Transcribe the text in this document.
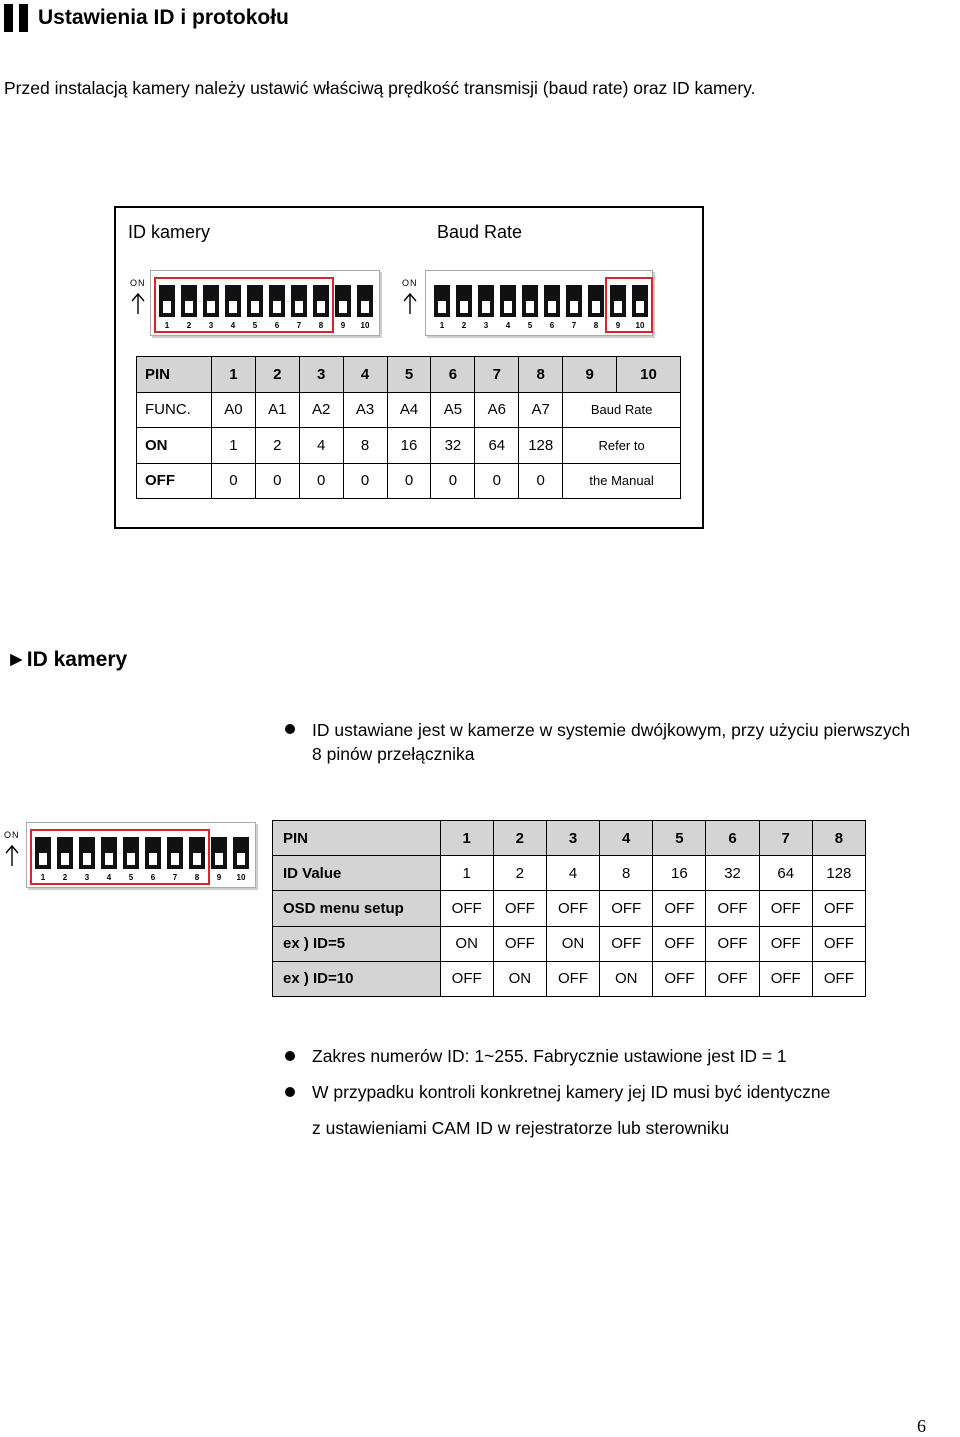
Ustawienia ID i protokołu
Przed instalacją kamery należy ustawić właściwą prędkość transmisji (baud rate) oraz ID kamery.
ID kamery	Baud Rate
ON
1	2	3	4	5	6	7	8	9	10
ON
1	2	3	4	5	6	7	8	9	10
PIN	1	2	3	4	5	6	7	8	9	10
FUNC.	A0	A1	A2	A3	A4	A5	A6	A7	Baud Rate	
ON	1	2	4	8	16	32	64	128	Refer to	
OFF	0	0	0	0	0	0	0	0	the Manual	
►ID kamery
ID ustawiane jest w kamerze w systemie dwójkowym, przy użyciu pierwszych
8 pinów przełącznika
ON
1	2	3	4	5	6	7	8	9	10
PIN	1	2	3	4	5	6	7	8
ID Value	1	2	4	8	16	32	64	128
OSD menu setup	OFF	OFF	OFF	OFF	OFF	OFF	OFF	OFF
ex ) ID=5	ON	OFF	ON	OFF	OFF	OFF	OFF	OFF
ex ) ID=10	OFF	ON	OFF	ON	OFF	OFF	OFF	OFF
Zakres numerów ID: 1~255. Fabrycznie ustawione jest ID = 1
W przypadku kontroli konkretnej kamery jej ID musi być identyczne
z ustawieniami CAM ID w rejestratorze lub sterowniku
6
